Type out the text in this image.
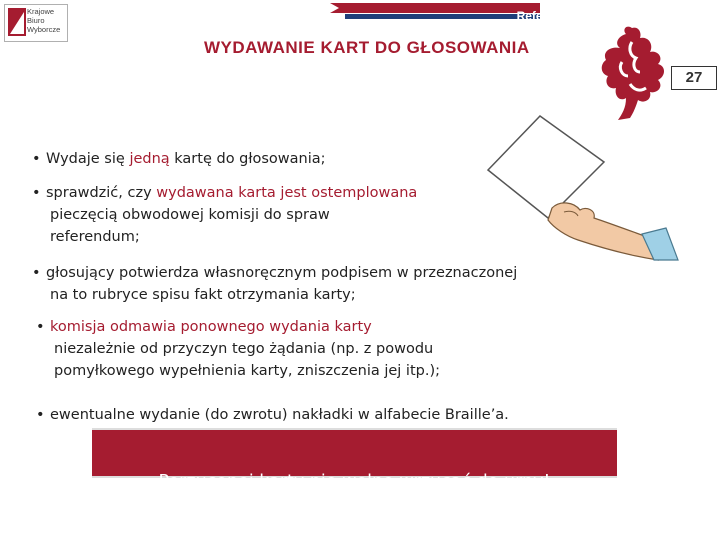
Referendum Ogólnokrajowe 2015
Krajowe
Biuro
Wyborcze
WYDAWANIE KART DO GŁOSOWANIA
27
• Wydaje się jedną kartę do głosowania;
• sprawdzić, czy wydawana karta jest ostemplowana
pieczęcią obwodowej komisji do spraw
referendum;
• głosujący potwierdza własnoręcznym podpisem w przeznaczonej
na to rubryce spisu fakt otrzymania karty;
• komisja odmawia ponownego wydania karty
niezależnie od przyczyn tego żądania (np. z powodu
pomyłkowego wypełnienia karty, zniszczenia jej itp.);
• ewentualne wydanie (do zwrotu) nakładki w alfabecie Braille’a.
Porzuconej karty nie wolno wrzucać do urny!
